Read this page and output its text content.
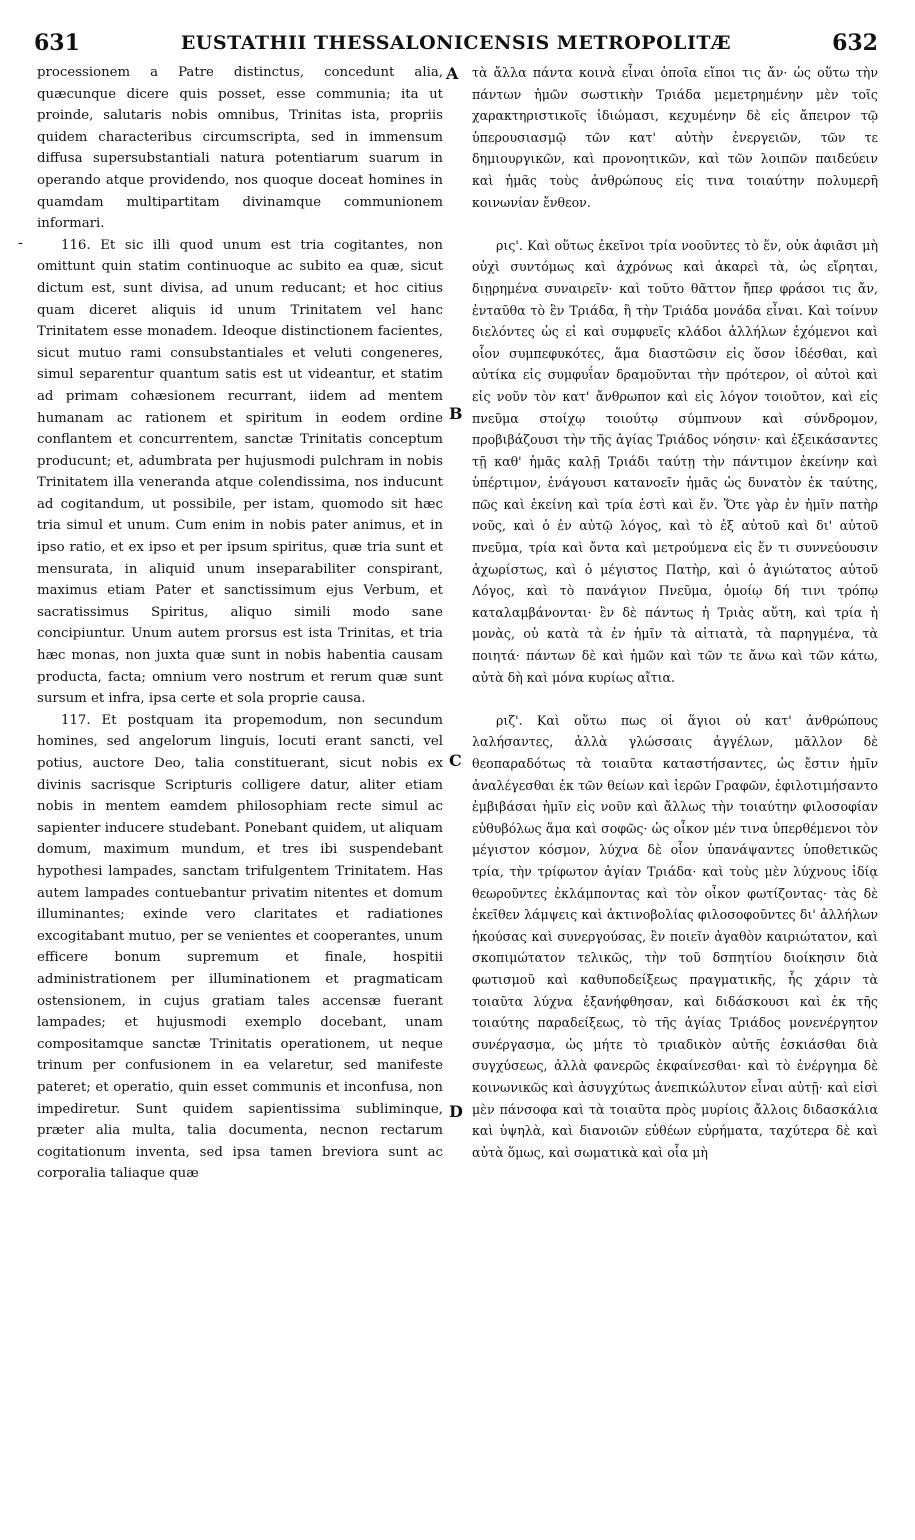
631	EUSTATHII THESSALONICENSIS METROPOLITÆ	632
-
A
B
C
D

processionem a Patre distinctus, concedunt alia, quæcunque dicere quis posset, esse communia; ita ut proinde, salutaris nobis omnibus, Trinitas ista, propriis quidem characteribus circumscripta, sed in immensum diffusa supersubstantiali natura potentiarum suarum in operando atque providendo, nos quoque doceat homines in quamdam multipartitam divinamque communionem informari.

116. Et sic illi quod unum est tria cogitantes, non omittunt quin statim continuoque ac subito ea quæ, sicut dictum est, sunt divisa, ad unum reducant; et hoc citius quam diceret aliquis id unum Trinitatem vel hanc Trinitatem esse monadem. Ideoque distinctionem facientes, sicut mutuo rami consubstantiales et veluti congeneres, simul separentur quantum satis est ut videantur, et statim ad primam cohæsionem recurrant, iidem ad mentem humanam ac rationem et spiritum in eodem ordine conflantem et concurrentem, sanctæ Trinitatis conceptum producunt; et, adumbrata per hujusmodi pulchram in nobis Trinitatem illa veneranda atque colendissima, nos inducunt ad cogitandum, ut possibile, per istam, quomodo sit hæc tria simul et unum. Cum enim in nobis pater animus, et in ipso ratio, et ex ipso et per ipsum spiritus, quæ tria sunt et mensurata, in aliquid unum inseparabiliter conspirant, maximus etiam Pater et sanctissimum ejus Verbum, et sacratissimus Spiritus, aliquo simili modo sane concipiuntur. Unum autem prorsus est ista Trinitas, et tria hæc monas, non juxta quæ sunt in nobis habentia causam producta, facta; omnium vero nostrum et rerum quæ sunt sursum et infra, ipsa certe et sola proprie causa.

117. Et postquam ita propemodum, non secundum homines, sed angelorum linguis, locuti erant sancti, vel potius, auctore Deo, talia constituerant, sicut nobis ex divinis sacrisque Scripturis colligere datur, aliter etiam nobis in mentem eamdem philosophiam recte simul ac sapienter inducere studebant. Ponebant quidem, ut aliquam domum, maximum mundum, et tres ibi suspendebant hypothesi lampades, sanctam trifulgentem Trinitatem. Has autem lampades contuebantur privatim nitentes et domum illuminantes; exinde vero claritates et radiationes excogitabant mutuo, per se venientes et cooperantes, unum efficere bonum supremum et finale, hospitii administrationem per illuminationem et pragmaticam ostensionem, in cujus gratiam tales accensæ fuerant lampades; et hujusmodi exemplo docebant, unam compositamque sanctæ Trinitatis operationem, ut neque trinum per confusionem in ea velaretur, sed manifeste pateret; et operatio, quin esset communis et inconfusa, non impediretur. Sunt quidem sapientissima subliminque, præter alia multa, talia documenta, necnon rectarum cogitationum inventa, sed ipsa tamen breviora sunt ac corporalia taliaque quæ

τὰ ἄλλα πάντα κοινὰ εἶναι ὁποῖα εἴποι τις ἄν· ὡς οὕτω τὴν πάντων ἡμῶν σωστικὴν Τριάδα μεμετρημένην μὲν τοῖς χαρακτηριστικοῖς ἰδιώμασι, κεχυμένην δὲ εἰς ἄπειρον τῷ ὑπερουσιασμῷ τῶν κατ' αὐτὴν ἐνεργειῶν, τῶν τε δημιουργικῶν, καὶ προνοητικῶν, καὶ τῶν λοιπῶν παιδεύειν καὶ ἡμᾶς τοὺς ἀνθρώπους εἰς τινα τοιαύτην πολυμερῆ κοινωνίαν ἔνθεον.

ρις'. Καὶ οὕτως ἐκεῖνοι τρία νοοῦντες τὸ ἕν, οὐκ ἀφιᾶσι μὴ οὐχὶ συντόμως καὶ ἀχρόνως καὶ ἀκαρεὶ τὰ, ὡς εἴρηται, διῃρημένα συναιρεῖν· καὶ τοῦτο θᾶττον ἤπερ φράσοι τις ἄν, ἐνταῦθα τὸ ἓν Τριάδα, ἢ τὴν Τριάδα μονάδα εἶναι. Καὶ τοίνυν διελόντες ὡς εἰ καὶ συμφυεῖς κλάδοι ἀλλήλων ἐχόμενοι καὶ οἷον συμπεφυκότες, ἅμα διαστῶσιν εἰς ὅσον ἰδέσθαι, καὶ αὐτίκα εἰς συμφυΐαν δραμοῦνται τὴν πρότερον, οἱ αὐτοὶ καὶ εἰς νοῦν τὸν κατ' ἄνθρωπον καὶ εἰς λόγον τοιοῦτον, καὶ εἰς πνεῦμα στοίχῳ τοιούτῳ σύμπνουν καὶ σύνδρομον, προβιβάζουσι τὴν τῆς ἁγίας Τριάδος νόησιν· καὶ ἐξεικάσαντες τῇ καθ' ἡμᾶς καλῇ Τριάδι ταύτῃ τὴν πάντιμον ἐκείνην καὶ ὑπέρτιμον, ἐνάγουσι κατανοεῖν ἡμᾶς ὡς δυνατὸν ἐκ ταύτης, πῶς καὶ ἐκείνη καὶ τρία ἐστὶ καὶ ἕν. Ὅτε γὰρ ἐν ἡμῖν πατὴρ νοῦς, καὶ ὁ ἐν αὐτῷ λόγος, καὶ τὸ ἐξ αὐτοῦ καὶ δι' αὐτοῦ πνεῦμα, τρία καὶ ὄντα καὶ μετρούμενα εἰς ἕν τι συννεύουσιν ἀχωρίστως, καὶ ὁ μέγιστος Πατὴρ, καὶ ὁ ἁγιώτατος αὐτοῦ Λόγος, καὶ τὸ πανάγιον Πνεῦμα, ὁμοίῳ δή τινι τρόπῳ καταλαμβάνονται· ἓν δὲ πάντως ἡ Τριὰς αὕτη, καὶ τρία ἡ μονὰς, οὐ κατὰ τὰ ἐν ἡμῖν τὰ αἰτιατὰ, τὰ παρηγμένα, τὰ ποιητά· πάντων δὲ καὶ ἡμῶν καὶ τῶν τε ἄνω καὶ τῶν κάτω, αὐτὰ δὴ καὶ μόνα κυρίως αἴτια.

ριζ'. Καὶ οὕτω πως οἱ ἅγιοι οὐ κατ' ἀνθρώπους λαλήσαντες, ἀλλὰ γλώσσαις ἀγγέλων, μᾶλλον δὲ θεοπαραδότως τὰ τοιαῦτα καταστήσαντες, ὡς ἔστιν ἡμῖν ἀναλέγεσθαι ἐκ τῶν θείων καὶ ἱερῶν Γραφῶν, ἐφιλοτιμήσαντο ἐμβιβάσαι ἡμῖν εἰς νοῦν καὶ ἄλλως τὴν τοιαύτην φιλοσοφίαν εὐθυβόλως ἅμα καὶ σοφῶς· ὡς οἶκον μέν τινα ὑπερθέμενοι τὸν μέγιστον κόσμον, λύχνα δὲ οἷον ὑπανάψαντες ὑποθετικῶς τρία, τὴν τρίφωτον ἁγίαν Τριάδα· καὶ τοὺς μὲν λύχνους ἰδίᾳ θεωροῦντες ἐκλάμποντας καὶ τὸν οἶκον φωτίζοντας· τὰς δὲ ἐκεῖθεν λάμψεις καὶ ἀκτινοβολίας φιλοσοφοῦντες δι' ἀλλήλων ἡκούσας καὶ συνεργούσας, ἓν ποιεῖν ἀγαθὸν καιριώτατον, καὶ σκοπιμώτατον τελικῶς, τὴν τοῦ δσπητίου διοίκησιν διὰ φωτισμοῦ καὶ καθυποδείξεως πραγματικῆς, ἧς χάριν τὰ τοιαῦτα λύχνα ἐξανήφθησαν, καὶ διδάσκουσι καὶ ἐκ τῆς τοιαύτης παραδείξεως, τὸ τῆς ἁγίας Τριάδος μονενέργητον συνέργασμα, ὡς μήτε τὸ τριαδικὸν αὐτῆς ἐσκιάσθαι διὰ συγχύσεως, ἀλλὰ φανερῶς ἐκφαίνεσθαι· καὶ τὸ ἐνέργημα δὲ κοινωνικῶς καὶ ἀσυγχύτως ἀνεπικώλυτον εἶναι αὐτῇ· καὶ εἰσὶ μὲν πάνσοφα καὶ τὰ τοιαῦτα πρὸς μυρίοις ἄλλοις διδασκάλια καὶ ὑψηλὰ, καὶ διανοιῶν εὐθέων εὑρήματα, ταχύτερα δὲ καὶ αὐτὰ ὅμως, καὶ σωματικὰ καὶ οἷα μὴ
